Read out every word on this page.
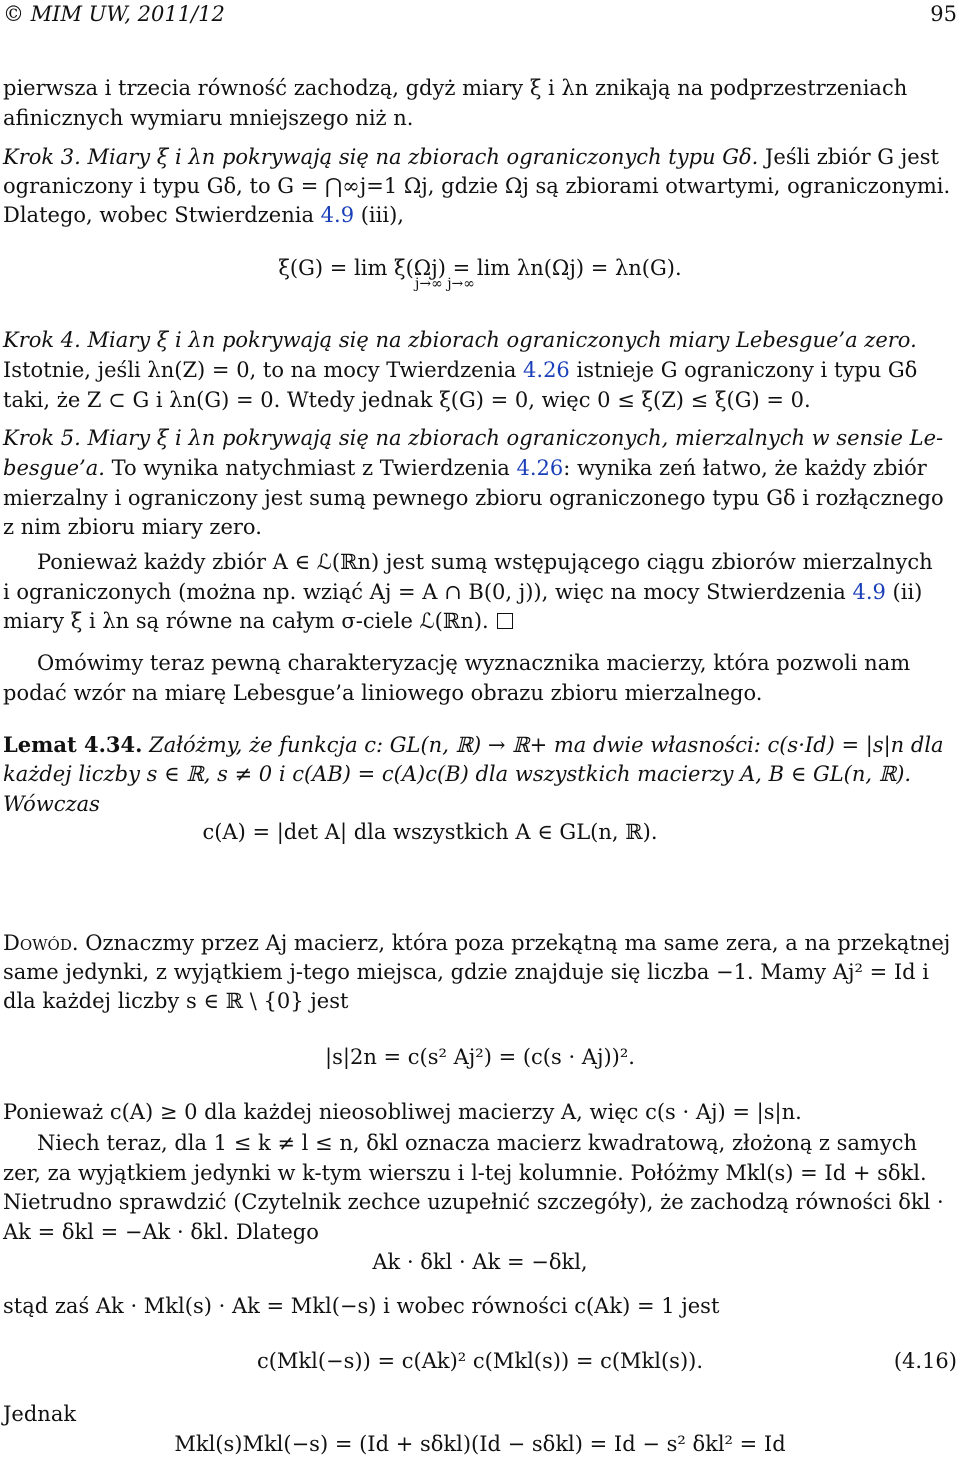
© MIM UW, 2011/12	95
pierwsza i trzecia równość zachodzą, gdyż miary ξ i λn znikają na podprzestrzeniach
afinicznych wymiaru mniejszego niż n.
Krok 3. Miary ξ i λn pokrywają się na zbiorach ograniczonych typu Gδ. Jeśli zbiór G jest
ograniczony i typu Gδ, to G = ⋂∞j=1 Ωj, gdzie Ωj są zbiorami otwartymi, ograniczonymi.
Dlatego, wobec Stwierdzenia 4.9 (iii),
ξ(G) = lim ξ(Ωj) = lim λn(Ωj) = λn(G).
j→∞ j→∞
Krok 4. Miary ξ i λn pokrywają się na zbiorach ograniczonych miary Lebesgue’a zero.
Istotnie, jeśli λn(Z) = 0, to na mocy Twierdzenia 4.26 istnieje G ograniczony i typu Gδ
taki, że Z ⊂ G i λn(G) = 0. Wtedy jednak ξ(G) = 0, więc 0 ≤ ξ(Z) ≤ ξ(G) = 0.
Krok 5. Miary ξ i λn pokrywają się na zbiorach ograniczonych, mierzalnych w sensie Le-
besgue’a. To wynika natychmiast z Twierdzenia 4.26: wynika zeń łatwo, że każdy zbiór
mierzalny i ograniczony jest sumą pewnego zbioru ograniczonego typu Gδ i rozłącznego
z nim zbioru miary zero.
Ponieważ każdy zbiór A ∈ ℒ(ℝn) jest sumą wstępującego ciągu zbiorów mierzalnych
i ograniczonych (można np. wziąć Aj = A ∩ B(0, j)), więc na mocy Stwierdzenia 4.9 (ii)
miary ξ i λn są równe na całym σ-ciele ℒ(ℝn).
Omówimy teraz pewną charakteryzację wyznacznika macierzy, która pozwoli nam
podać wzór na miarę Lebesgue’a liniowego obrazu zbioru mierzalnego.
Lemat 4.34. Załóżmy, że funkcja c: GL(n, ℝ) → ℝ+ ma dwie własności: c(s·Id) = |s|n dla
każdej liczby s ∈ ℝ, s ≠ 0 i c(AB) = c(A)c(B) dla wszystkich macierzy A, B ∈ GL(n, ℝ).
Wówczas
c(A) = |det A| dla wszystkich A ∈ GL(n, ℝ).
Dowód. Oznaczmy przez Aj macierz, która poza przekątną ma same zera, a na przekątnej
same jedynki, z wyjątkiem j-tego miejsca, gdzie znajduje się liczba −1. Mamy Aj² = Id i
dla każdej liczby s ∈ ℝ \ {0} jest
|s|2n = c(s² Aj²) = (c(s · Aj))².
Ponieważ c(A) ≥ 0 dla każdej nieosobliwej macierzy A, więc c(s · Aj) = |s|n.
Niech teraz, dla 1 ≤ k ≠ l ≤ n, δkl oznacza macierz kwadratową, złożoną z samych
zer, za wyjątkiem jedynki w k-tym wierszu i l-tej kolumnie. Połóżmy Mkl(s) = Id + sδkl.
Nietrudno sprawdzić (Czytelnik zechce uzupełnić szczegóły), że zachodzą równości δkl ·
Ak = δkl = −Ak · δkl. Dlatego
Ak · δkl · Ak = −δkl,
stąd zaś Ak · Mkl(s) · Ak = Mkl(−s) i wobec równości c(Ak) = 1 jest
c(Mkl(−s)) = c(Ak)² c(Mkl(s)) = c(Mkl(s)).	(4.16)
Jednak
Mkl(s)Mkl(−s) = (Id + sδkl)(Id − sδkl) = Id − s² δkl² = Id
